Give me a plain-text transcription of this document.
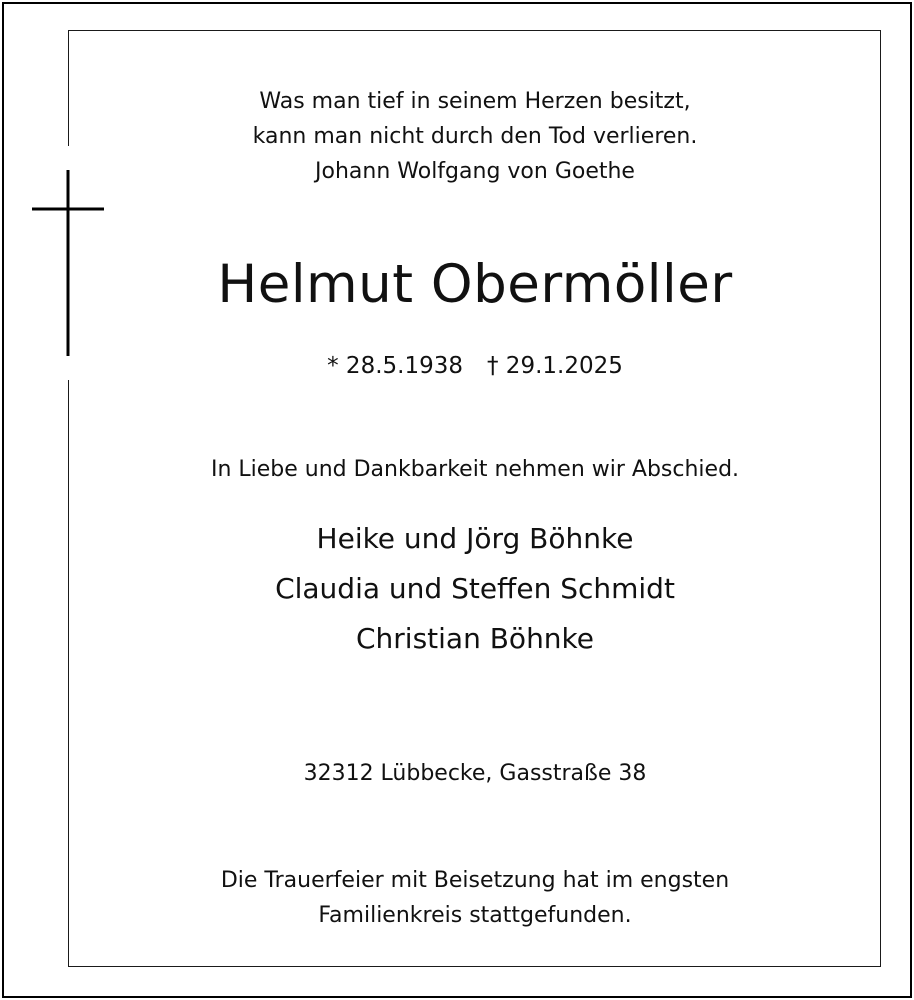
Was man tief in seinem Herzen besitzt,
kann man nicht durch den Tod verlieren.
Johann Wolfgang von Goethe
Helmut Obermöller
* 28.5.1938 † 29.1.2025
In Liebe und Dankbarkeit nehmen wir Abschied.
Heike und Jörg Böhnke
Claudia und Steffen Schmidt
Christian Böhnke
32312 Lübbecke, Gasstraße 38
Die Trauerfeier mit Beisetzung hat im engsten
Familienkreis stattgefunden.
